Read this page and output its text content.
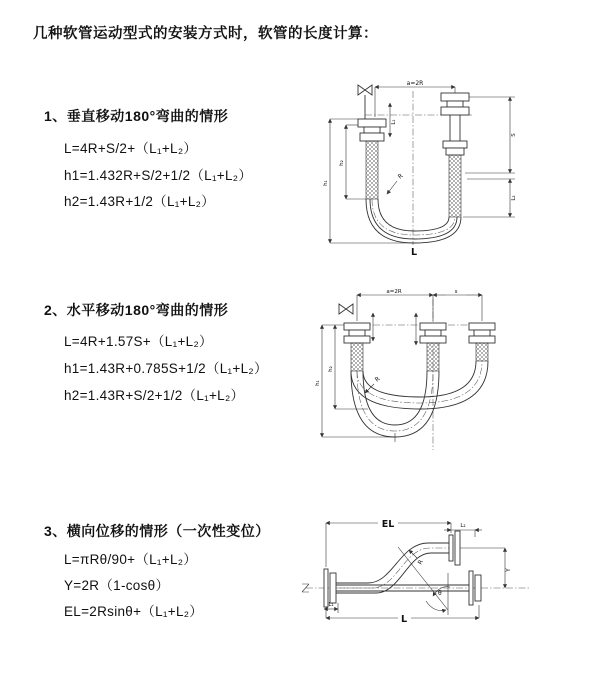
几种软管运动型式的安装方式时，软管的长度计算：
1、垂直移动180°弯曲的情形
L=4R+S/2+（L₁+L₂）
h1=1.432R+S/2+1/2（L₁+L₂）
h2=1.43R+1/2（L₁+L₂）
a=2R
R
L₁
h₂
h₁
S
L₂
L
2、水平移动180°弯曲的情形
L=4R+1.57S+（L₁+L₂）
h1=1.43R+0.785S+1/2（L₁+L₂）
h2=1.43R+S/2+1/2（L₁+L₂）
a=2R	s
h₁
h₂
R
3、横向位移的情形（一次性变位）
L=πRθ/90+（L₁+L₂）
Y=2R（1-cosθ）
EL=2Rsinθ+（L₁+L₂）
EL	L₂
Y
R
θ
L
L₁
